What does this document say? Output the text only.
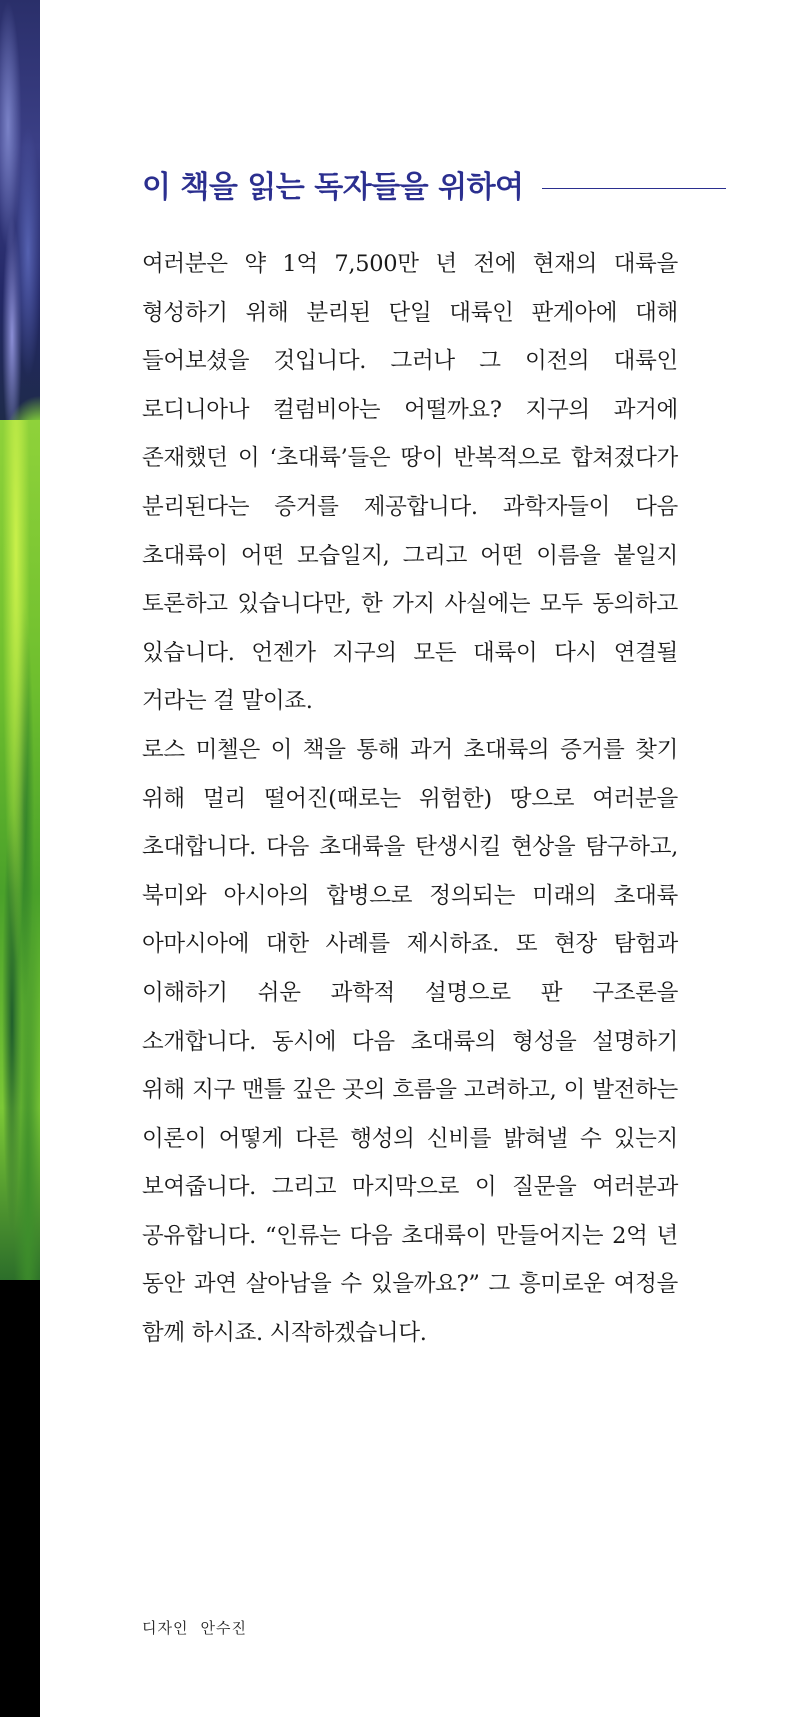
이 책을 읽는 독자들을 위하여

여러분은 약 1억 7,500만 년 전에 현재의 대륙을 형성하기 위해 분리된 단일 대륙인 판게아에 대해 들어보셨을 것입니다. 그러나 그 이전의 대륙인 로디니아나 컬럼비아는 어떨까요? 지구의 과거에 존재했던 이 ‘초대륙’들은 땅이 반복적으로 합쳐졌다가 분리된다는 증거를 제공합니다. 과학자들이 다음 초대륙이 어떤 모습일지, 그리고 어떤 이름을 붙일지 토론하고 있습니다만, 한 가지 사실에는 모두 동의하고 있습니다. 언젠가 지구의 모든 대륙이 다시 연결될 거라는 걸 말이죠.

로스 미첼은 이 책을 통해 과거 초대륙의 증거를 찾기 위해 멀리 떨어진(때로는 위험한) 땅으로 여러분을 초대합니다. 다음 초대륙을 탄생시킬 현상을 탐구하고, 북미와 아시아의 합병으로 정의되는 미래의 초대륙 아마시아에 대한 사례를 제시하죠. 또 현장 탐험과 이해하기 쉬운 과학적 설명으로 판 구조론을 소개합니다. 동시에 다음 초대륙의 형성을 설명하기 위해 지구 맨틀 깊은 곳의 흐름을 고려하고, 이 발전하는 이론이 어떻게 다른 행성의 신비를 밝혀낼 수 있는지 보여줍니다. 그리고 마지막으로 이 질문을 여러분과 공유합니다. “인류는 다음 초대륙이 만들어지는 2억 년 동안 과연 살아남을 수 있을까요?” 그 흥미로운 여정을 함께 하시죠. 시작하겠습니다.

디자인 안수진
